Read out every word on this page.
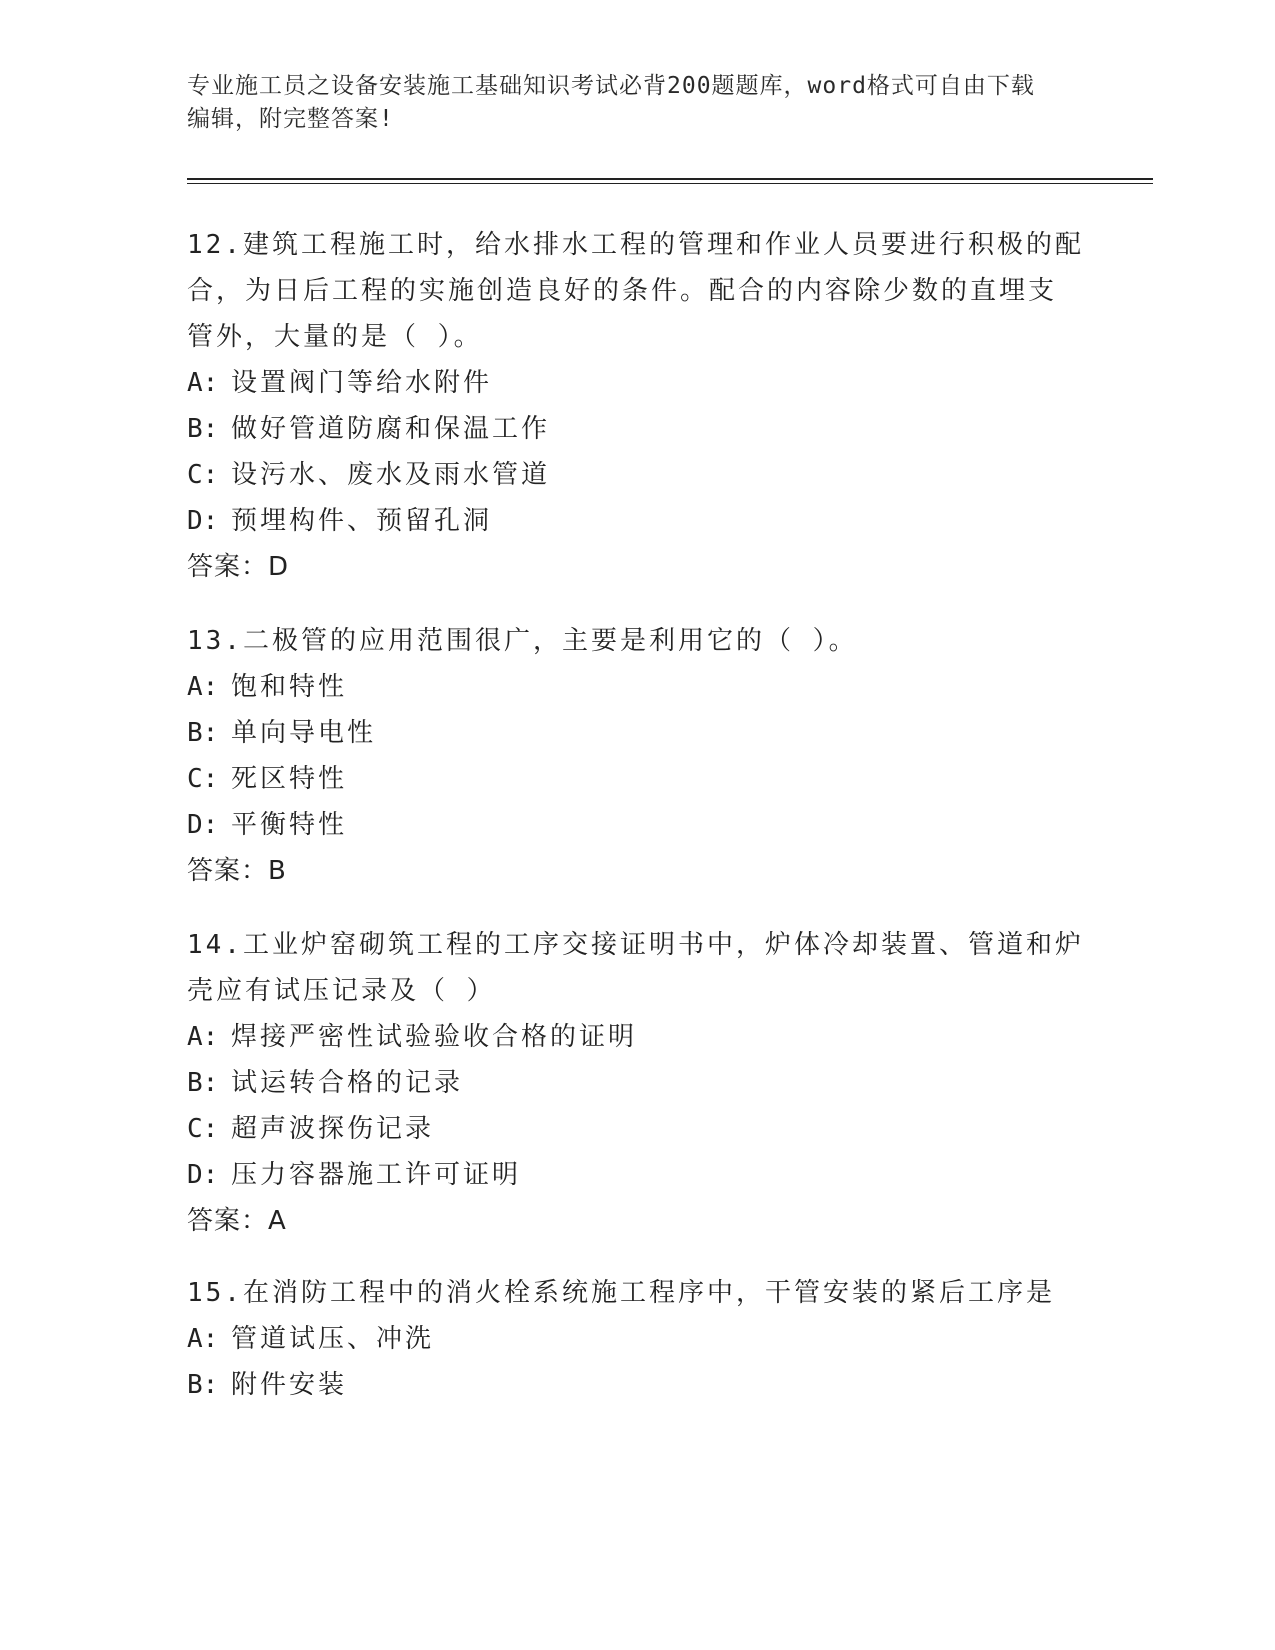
专业施工员之设备安装施工基础知识考试必背200题题库，word格式可自由下载
编辑，附完整答案!

12.建筑工程施工时，给水排水工程的管理和作业人员要进行积极的配

合，为日后工程的实施创造良好的条件。配合的内容除少数的直埋支

管外，大量的是（ ）。

A: 设置阀门等给水附件

B: 做好管道防腐和保温工作

C: 设污水、废水及雨水管道

D: 预埋构件、预留孔洞

答案：D

13.二极管的应用范围很广，主要是利用它的（ ）。

A: 饱和特性

B: 单向导电性

C: 死区特性

D: 平衡特性

答案：B

14.工业炉窑砌筑工程的工序交接证明书中，炉体冷却装置、管道和炉

壳应有试压记录及（ ）

A: 焊接严密性试验验收合格的证明

B: 试运转合格的记录

C: 超声波探伤记录

D: 压力容器施工许可证明

答案：A

15.在消防工程中的消火栓系统施工程序中，干管安装的紧后工序是

A: 管道试压、冲洗

B: 附件安装
